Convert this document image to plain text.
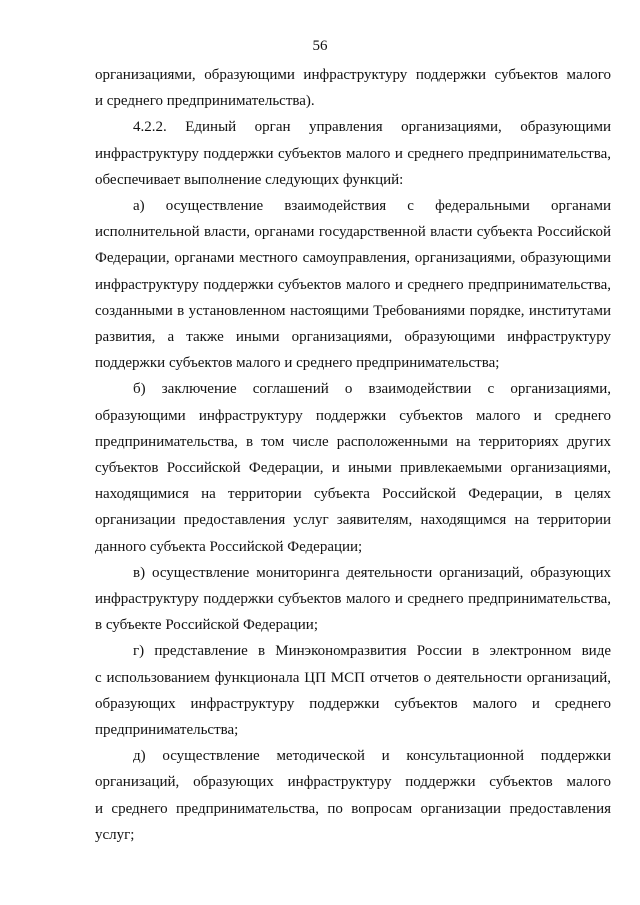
56

организациями, образующими инфраструктуру поддержки субъектов малого

и среднего предпринимательства).

4.2.2. Единый орган управления организациями, образующими

инфраструктуру поддержки субъектов малого и среднего предпринимательства,

обеспечивает выполнение следующих функций:

а) осуществление взаимодействия с федеральными органами

исполнительной власти, органами государственной власти субъекта Российской

Федерации, органами местного самоуправления, организациями, образующими

инфраструктуру поддержки субъектов малого и среднего предпринимательства,

созданными в установленном настоящими Требованиями порядке, институтами

развития, а также иными организациями, образующими инфраструктуру

поддержки субъектов малого и среднего предпринимательства;

б) заключение соглашений о взаимодействии с организациями,

образующими инфраструктуру поддержки субъектов малого и среднего

предпринимательства, в том числе расположенными на территориях других

субъектов Российской Федерации, и иными привлекаемыми организациями,

находящимися на территории субъекта Российской Федерации, в целях

организации предоставления услуг заявителям, находящимся на территории

данного субъекта Российской Федерации;

в) осуществление мониторинга деятельности организаций, образующих

инфраструктуру поддержки субъектов малого и среднего предпринимательства,

в субъекте Российской Федерации;

г) представление в Минэкономразвития России в электронном виде

с использованием функционала ЦП МСП отчетов о деятельности организаций,

образующих инфраструктуру поддержки субъектов малого и среднего

предпринимательства;

д) осуществление методической и консультационной поддержки

организаций, образующих инфраструктуру поддержки субъектов малого

и среднего предпринимательства, по вопросам организации предоставления

услуг;
